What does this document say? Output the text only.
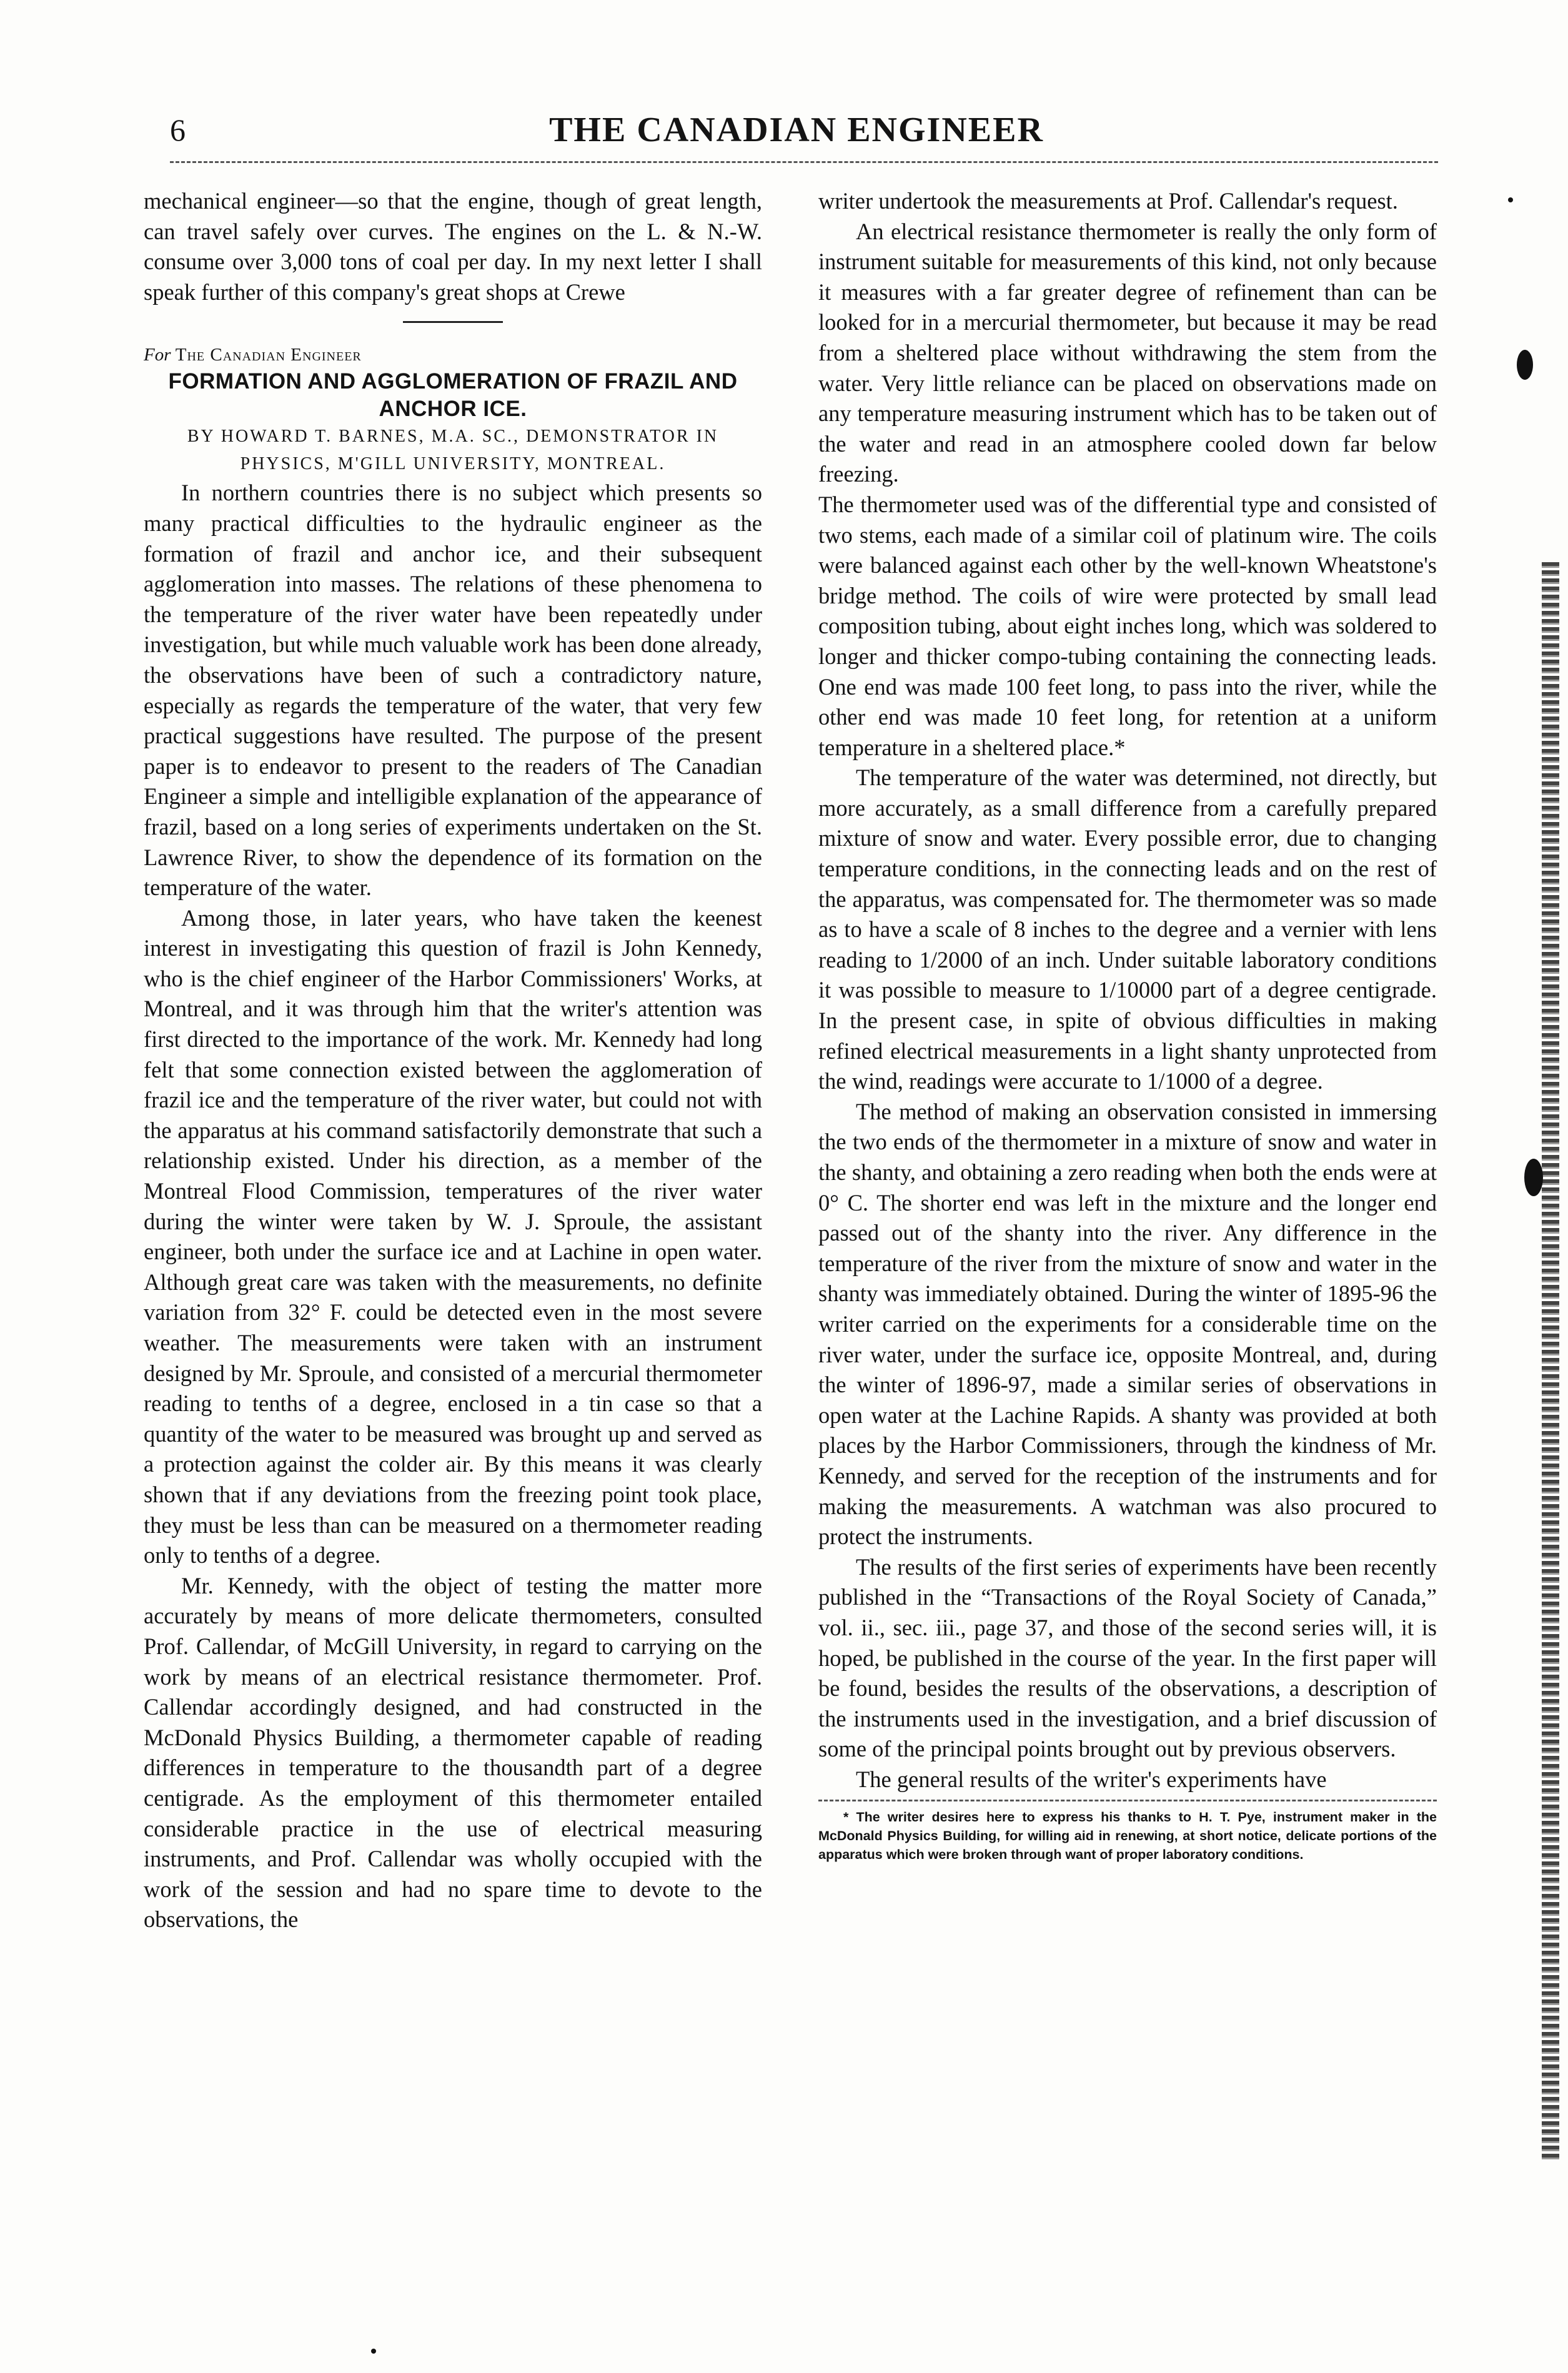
6	THE CANADIAN ENGINEER

mechanical engineer—so that the engine, though of great length, can travel safely over curves. The engines on the L. & N.-W. consume over 3,000 tons of coal per day. In my next letter I shall speak further of this company's great shops at Crewe

For The Canadian Engineer

FORMATION AND AGGLOMERATION OF FRAZIL AND ANCHOR ICE.

BY HOWARD T. BARNES, M.A. SC., DEMONSTRATOR IN PHYSICS, M'GILL UNIVERSITY, MONTREAL.

In northern countries there is no subject which presents so many practical difficulties to the hydraulic engineer as the formation of frazil and anchor ice, and their subsequent agglomeration into masses. The relations of these phenomena to the temperature of the river water have been repeatedly under investigation, but while much valuable work has been done already, the observations have been of such a contradictory nature, especially as regards the temperature of the water, that very few practical suggestions have resulted. The purpose of the present paper is to endeavor to present to the readers of The Canadian Engineer a simple and intelligible explanation of the appearance of frazil, based on a long series of experiments undertaken on the St. Lawrence River, to show the dependence of its formation on the temperature of the water.

Among those, in later years, who have taken the keenest interest in investigating this question of frazil is John Kennedy, who is the chief engineer of the Harbor Commissioners' Works, at Montreal, and it was through him that the writer's attention was first directed to the importance of the work. Mr. Kennedy had long felt that some connection existed between the agglomeration of frazil ice and the temperature of the river water, but could not with the apparatus at his command satisfactorily demonstrate that such a relationship existed. Under his direction, as a member of the Montreal Flood Commission, temperatures of the river water during the winter were taken by W. J. Sproule, the assistant engineer, both under the surface ice and at Lachine in open water. Although great care was taken with the measurements, no definite variation from 32° F. could be detected even in the most severe weather. The measurements were taken with an instrument designed by Mr. Sproule, and consisted of a mercurial thermometer reading to tenths of a degree, enclosed in a tin case so that a quantity of the water to be measured was brought up and served as a protection against the colder air. By this means it was clearly shown that if any deviations from the freezing point took place, they must be less than can be measured on a thermometer reading only to tenths of a degree.

Mr. Kennedy, with the object of testing the matter more accurately by means of more delicate thermometers, consulted Prof. Callendar, of McGill University, in regard to carrying on the work by means of an electrical resistance thermometer. Prof. Callendar accordingly designed, and had constructed in the McDonald Physics Building, a thermometer capable of reading differences in temperature to the thousandth part of a degree centigrade. As the employment of this thermometer entailed considerable practice in the use of electrical measuring instruments, and Prof. Callendar was wholly occupied with the work of the session and had no spare time to devote to the observations, the

writer undertook the measurements at Prof. Callendar's request.

An electrical resistance thermometer is really the only form of instrument suitable for measurements of this kind, not only because it measures with a far greater degree of refinement than can be looked for in a mercurial thermometer, but because it may be read from a sheltered place without withdrawing the stem from the water. Very little reliance can be placed on observations made on any temperature measuring instrument which has to be taken out of the water and read in an atmosphere cooled down far below freezing.

The thermometer used was of the differential type and consisted of two stems, each made of a similar coil of platinum wire. The coils were balanced against each other by the well-known Wheatstone's bridge method. The coils of wire were protected by small lead composition tubing, about eight inches long, which was soldered to longer and thicker compo-tubing containing the connecting leads. One end was made 100 feet long, to pass into the river, while the other end was made 10 feet long, for retention at a uniform temperature in a sheltered place.*

The temperature of the water was determined, not directly, but more accurately, as a small difference from a carefully prepared mixture of snow and water. Every possible error, due to changing temperature conditions, in the connecting leads and on the rest of the apparatus, was compensated for. The thermometer was so made as to have a scale of 8 inches to the degree and a vernier with lens reading to 1/2000 of an inch. Under suitable laboratory conditions it was possible to measure to 1/10000 part of a degree centigrade. In the present case, in spite of obvious difficulties in making refined electrical measurements in a light shanty unprotected from the wind, readings were accurate to 1/1000 of a degree.

The method of making an observation consisted in immersing the two ends of the thermometer in a mixture of snow and water in the shanty, and obtaining a zero reading when both the ends were at 0° C. The shorter end was left in the mixture and the longer end passed out of the shanty into the river. Any difference in the temperature of the river from the mixture of snow and water in the shanty was immediately obtained. During the winter of 1895-96 the writer carried on the experiments for a considerable time on the river water, under the surface ice, opposite Montreal, and, during the winter of 1896-97, made a similar series of observations in open water at the Lachine Rapids. A shanty was provided at both places by the Harbor Commissioners, through the kindness of Mr. Kennedy, and served for the reception of the instruments and for making the measurements. A watchman was also procured to protect the instruments.

The results of the first series of experiments have been recently published in the “Transactions of the Royal Society of Canada,” vol. ii., sec. iii., page 37, and those of the second series will, it is hoped, be published in the course of the year. In the first paper will be found, besides the results of the observations, a description of the instruments used in the investigation, and a brief discussion of some of the principal points brought out by previous observers.

The general results of the writer's experiments have

* The writer desires here to express his thanks to H. T. Pye, instrument maker in the McDonald Physics Building, for willing aid in renewing, at short notice, delicate portions of the apparatus which were broken through want of proper laboratory conditions.
